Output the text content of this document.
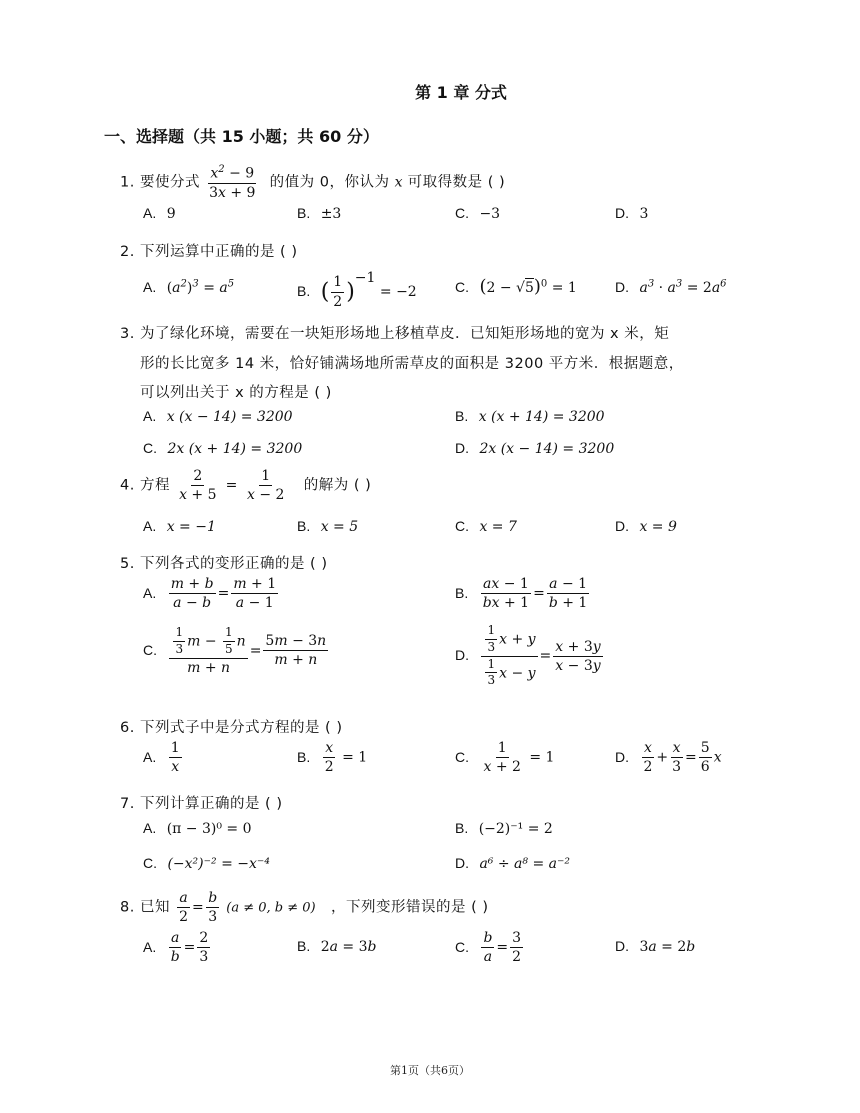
第 1 章 分式
一、选择题（共 15 小题；共 60 分）
1. 要使分式 $\frac{x^2 - 9}{3x + 9}$ 的值为 0，你认为 x 可取得数是 ( )
A. 9	B. ±3	C. −3	D. 3
2. 下列运算中正确的是 ( )
A. $(a^2)^3 = a^5$	B. ( $\frac{1}{2} )^{-1} = -2$	C. $(2 - √5)^0 = 1$	D. $a^3 \cdot a^3 = 2a^6$
3. 为了绿化环境，需要在一块矩形场地上移植草皮．已知矩形场地的宽为 x 米，矩
形的长比宽多 14 米，恰好铺满场地所需草皮的面积是 3200 平方米．根据题意，
可以列出关于 x 的方程是 ( )
A. x (x − 14) = 3200	B. x (x + 14) = 3200
C. 2x (x + 14) = 3200	D. 2x (x − 14) = 3200
4. 方程 $\frac{2}{x + 5} = \frac{1}{x - 2}$ 的解为 ( )
A. x = −1	B. x = 5	C. x = 7	D. x = 9
5. 下列各式的变形正确的是 ( )
A. $\frac{m + b}{a - b} = \frac{m + 1}{a - 1}$	B. $\frac{ax - 1}{bx + 1} = \frac{a - 1}{b + 1}$
C. $\frac{\frac{1}{3} m - \frac{1}{5} n}{m + n} = \frac{5m - 3n}{m + n}$	D. $\frac{\frac{1}{3} x + y}{\frac{1}{3} x - y} = \frac{x + 3y}{x - 3y}$
6. 下列式子中是分式方程的是 ( )
A. $\frac{1}{x}$	B. $\frac{x}{2} = 1$	C. $\frac{1}{x + 2} = 1$	D. $\frac{x}{2} + \frac{x}{3} = \frac{5}{6}$ x
7. 下列计算正确的是 ( )
A. (π − 3)⁰ = 0	B. (−2)⁻¹ = 2
C. (−x²)⁻² = −x⁻⁴	D. a⁶ ÷ a⁸ = a⁻²
8. 已知 $\frac{a}{2} = \frac{b}{3} (a \ne 0$, b ≠ 0) ，下列变形错误的是 ( )
A. $\frac{a}{b} = \frac{2}{3}$	B. 2a = 3b	C. $\frac{b}{a} = \frac{3}{2}$	D. 3a = 2b
第1页（共6页）
